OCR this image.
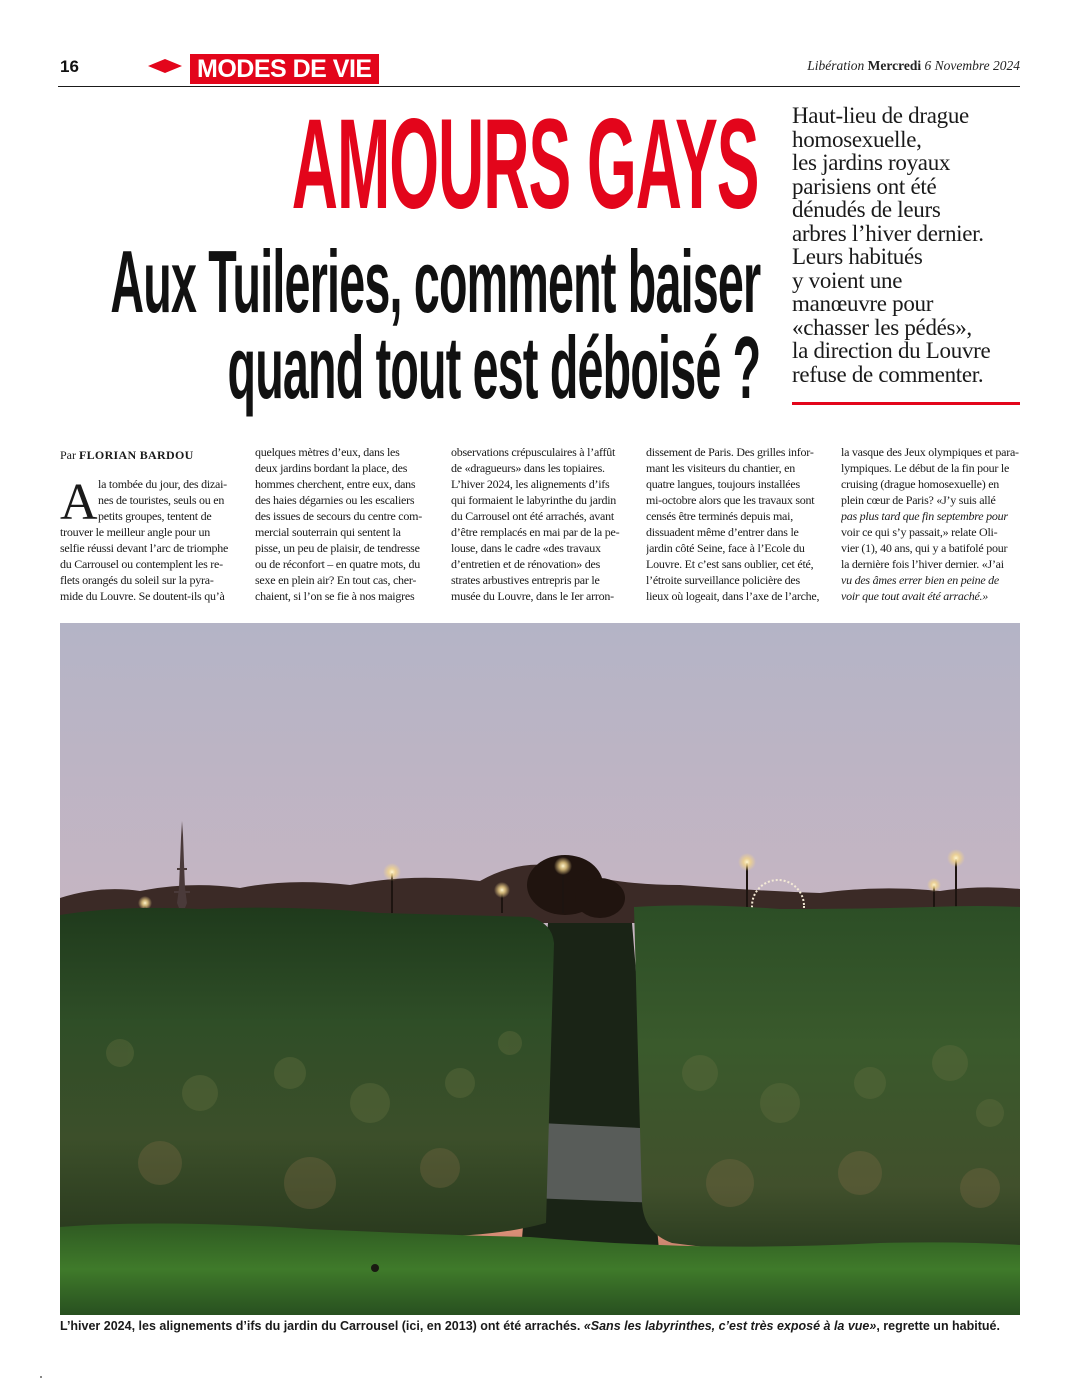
16	MODES DE VIE	Libération Mercredi 6 Novembre 2024
AMOURS GAYS
Aux Tuileries, comment baiser
quand tout est déboisé ?
Haut-lieu de drague
homosexuelle,
les jardins royaux
parisiens ont été
dénudés de leurs
arbres l’hiver dernier.
Leurs habitués
y voient une
manœuvre pour
«chasser les pédés»,
la direction du Louvre
refuse de commenter.
Par FLORIAN BARDOU
A la tombée du jour, des dizai-
nes de touristes, seuls ou en
petits groupes, tentent de
trouver le meilleur angle pour un
selfie réussi devant l’arc de triomphe
du Carrousel ou contemplent les re-
flets orangés du soleil sur la pyra-
mide du Louvre. Se doutent-ils qu’à
quelques mètres d’eux, dans les
deux jardins bordant la place, des
hommes cherchent, entre eux, dans
des haies dégarnies ou les escaliers
des issues de secours du centre com-
mercial souterrain qui sentent la
pisse, un peu de plaisir, de tendresse
ou de réconfort – en quatre mots, du
sexe en plein air? En tout cas, cher-
chaient, si l’on se fie à nos maigres
observations crépusculaires à l’affût
de «dragueurs» dans les topiaires.
L’hiver 2024, les alignements d’ifs
qui formaient le labyrinthe du jardin
du Carrousel ont été arrachés, avant
d’être remplacés en mai par de la pe-
louse, dans le cadre «des travaux
d’entretien et de rénovation» des
strates arbustives entrepris par le
musée du Louvre, dans le Ier arron-
dissement de Paris. Des grilles infor-
mant les visiteurs du chantier, en
quatre langues, toujours installées
mi-octobre alors que les travaux sont
censés être terminés depuis mai,
dissuadent même d’entrer dans le
jardin côté Seine, face à l’Ecole du
Louvre. Et c’est sans oublier, cet été,
l’étroite surveillance policière des
lieux où logeait, dans l’axe de l’arche,
la vasque des Jeux olympiques et para-
lympiques. Le début de la fin pour le
cruising (drague homosexuelle) en
plein cœur de Paris? «J’y suis allé
pas plus tard que fin septembre pour
voir ce qui s’y passait,» relate Oli-
vier (1), 40 ans, qui y a batifolé pour
la dernière fois l’hiver dernier. «J’ai
vu des âmes errer bien en peine de
voir que tout avait été arraché.»
L’hiver 2024, les alignements d’ifs du jardin du Carrousel (ici, en 2013) ont été arrachés. «Sans les labyrinthes, c’est très exposé à la vue», regrette un habitué.
